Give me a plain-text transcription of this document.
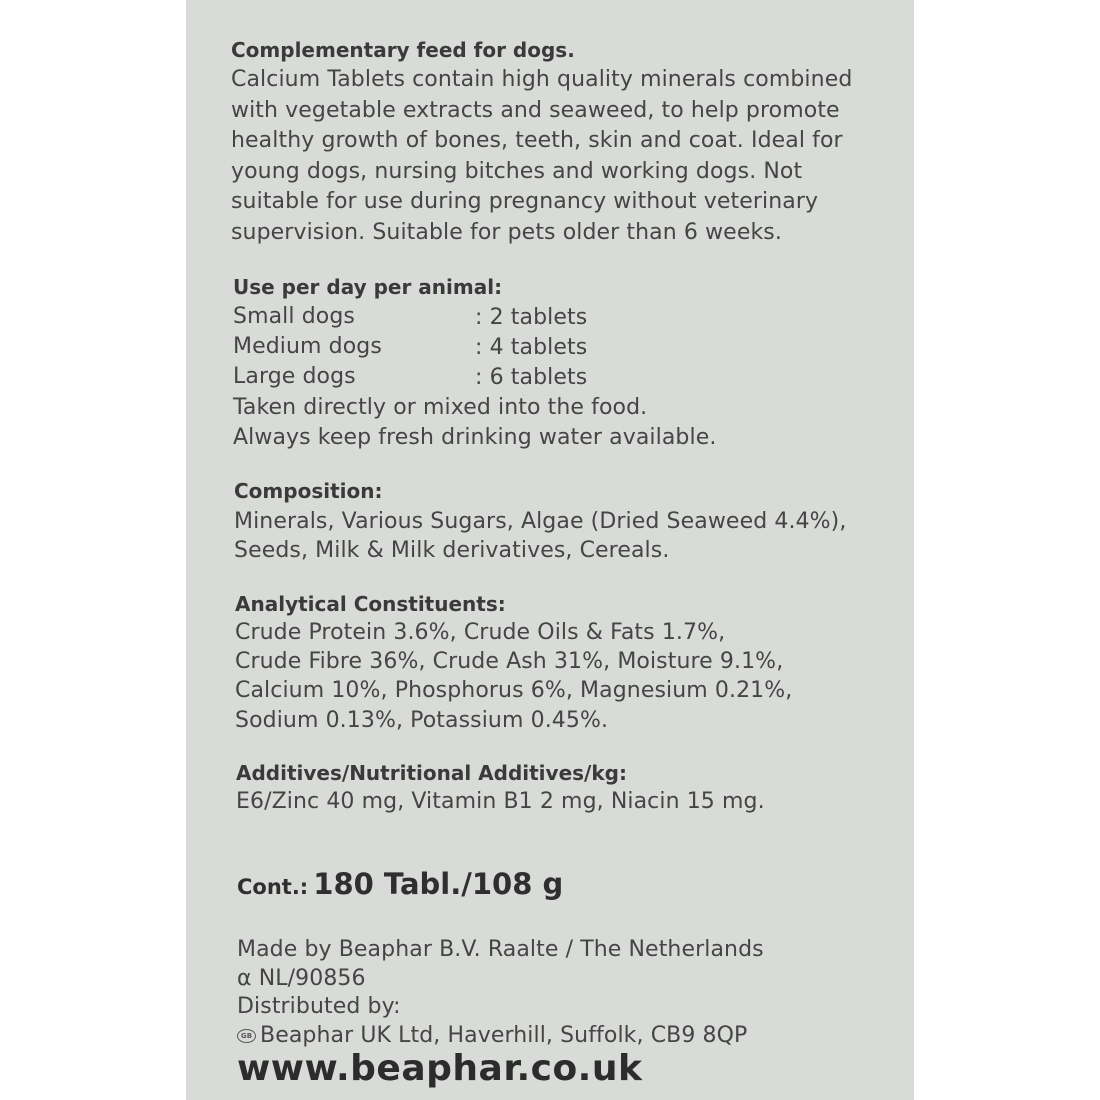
Complementary feed for dogs.
Calcium Tablets contain high quality minerals combined
with vegetable extracts and seaweed, to help promote
healthy growth of bones, teeth, skin and coat. Ideal for
young dogs, nursing bitches and working dogs. Not
suitable for use during pregnancy without veterinary
supervision. Suitable for pets older than 6 weeks.
Use per day per animal:
Small dogs	: 2 tablets
Medium dogs	: 4 tablets
Large dogs	: 6 tablets
Taken directly or mixed into the food.
Always keep fresh drinking water available.
Composition:
Minerals, Various Sugars, Algae (Dried Seaweed 4.4%),
Seeds, Milk & Milk derivatives, Cereals.
Analytical Constituents:
Crude Protein 3.6%, Crude Oils & Fats 1.7%,
Crude Fibre 36%, Crude Ash 31%, Moisture 9.1%,
Calcium 10%, Phosphorus 6%, Magnesium 0.21%,
Sodium 0.13%, Potassium 0.45%.
Additives/Nutritional Additives/kg:
E6/Zinc 40 mg, Vitamin B1 2 mg, Niacin 15 mg.
Cont.: 180 Tabl./108 g
Made by Beaphar B.V. Raalte / The Netherlands
α NL/90856
Distributed by:
GB Beaphar UK Ltd, Haverhill, Suffolk, CB9 8QP
www.beaphar.co.uk
